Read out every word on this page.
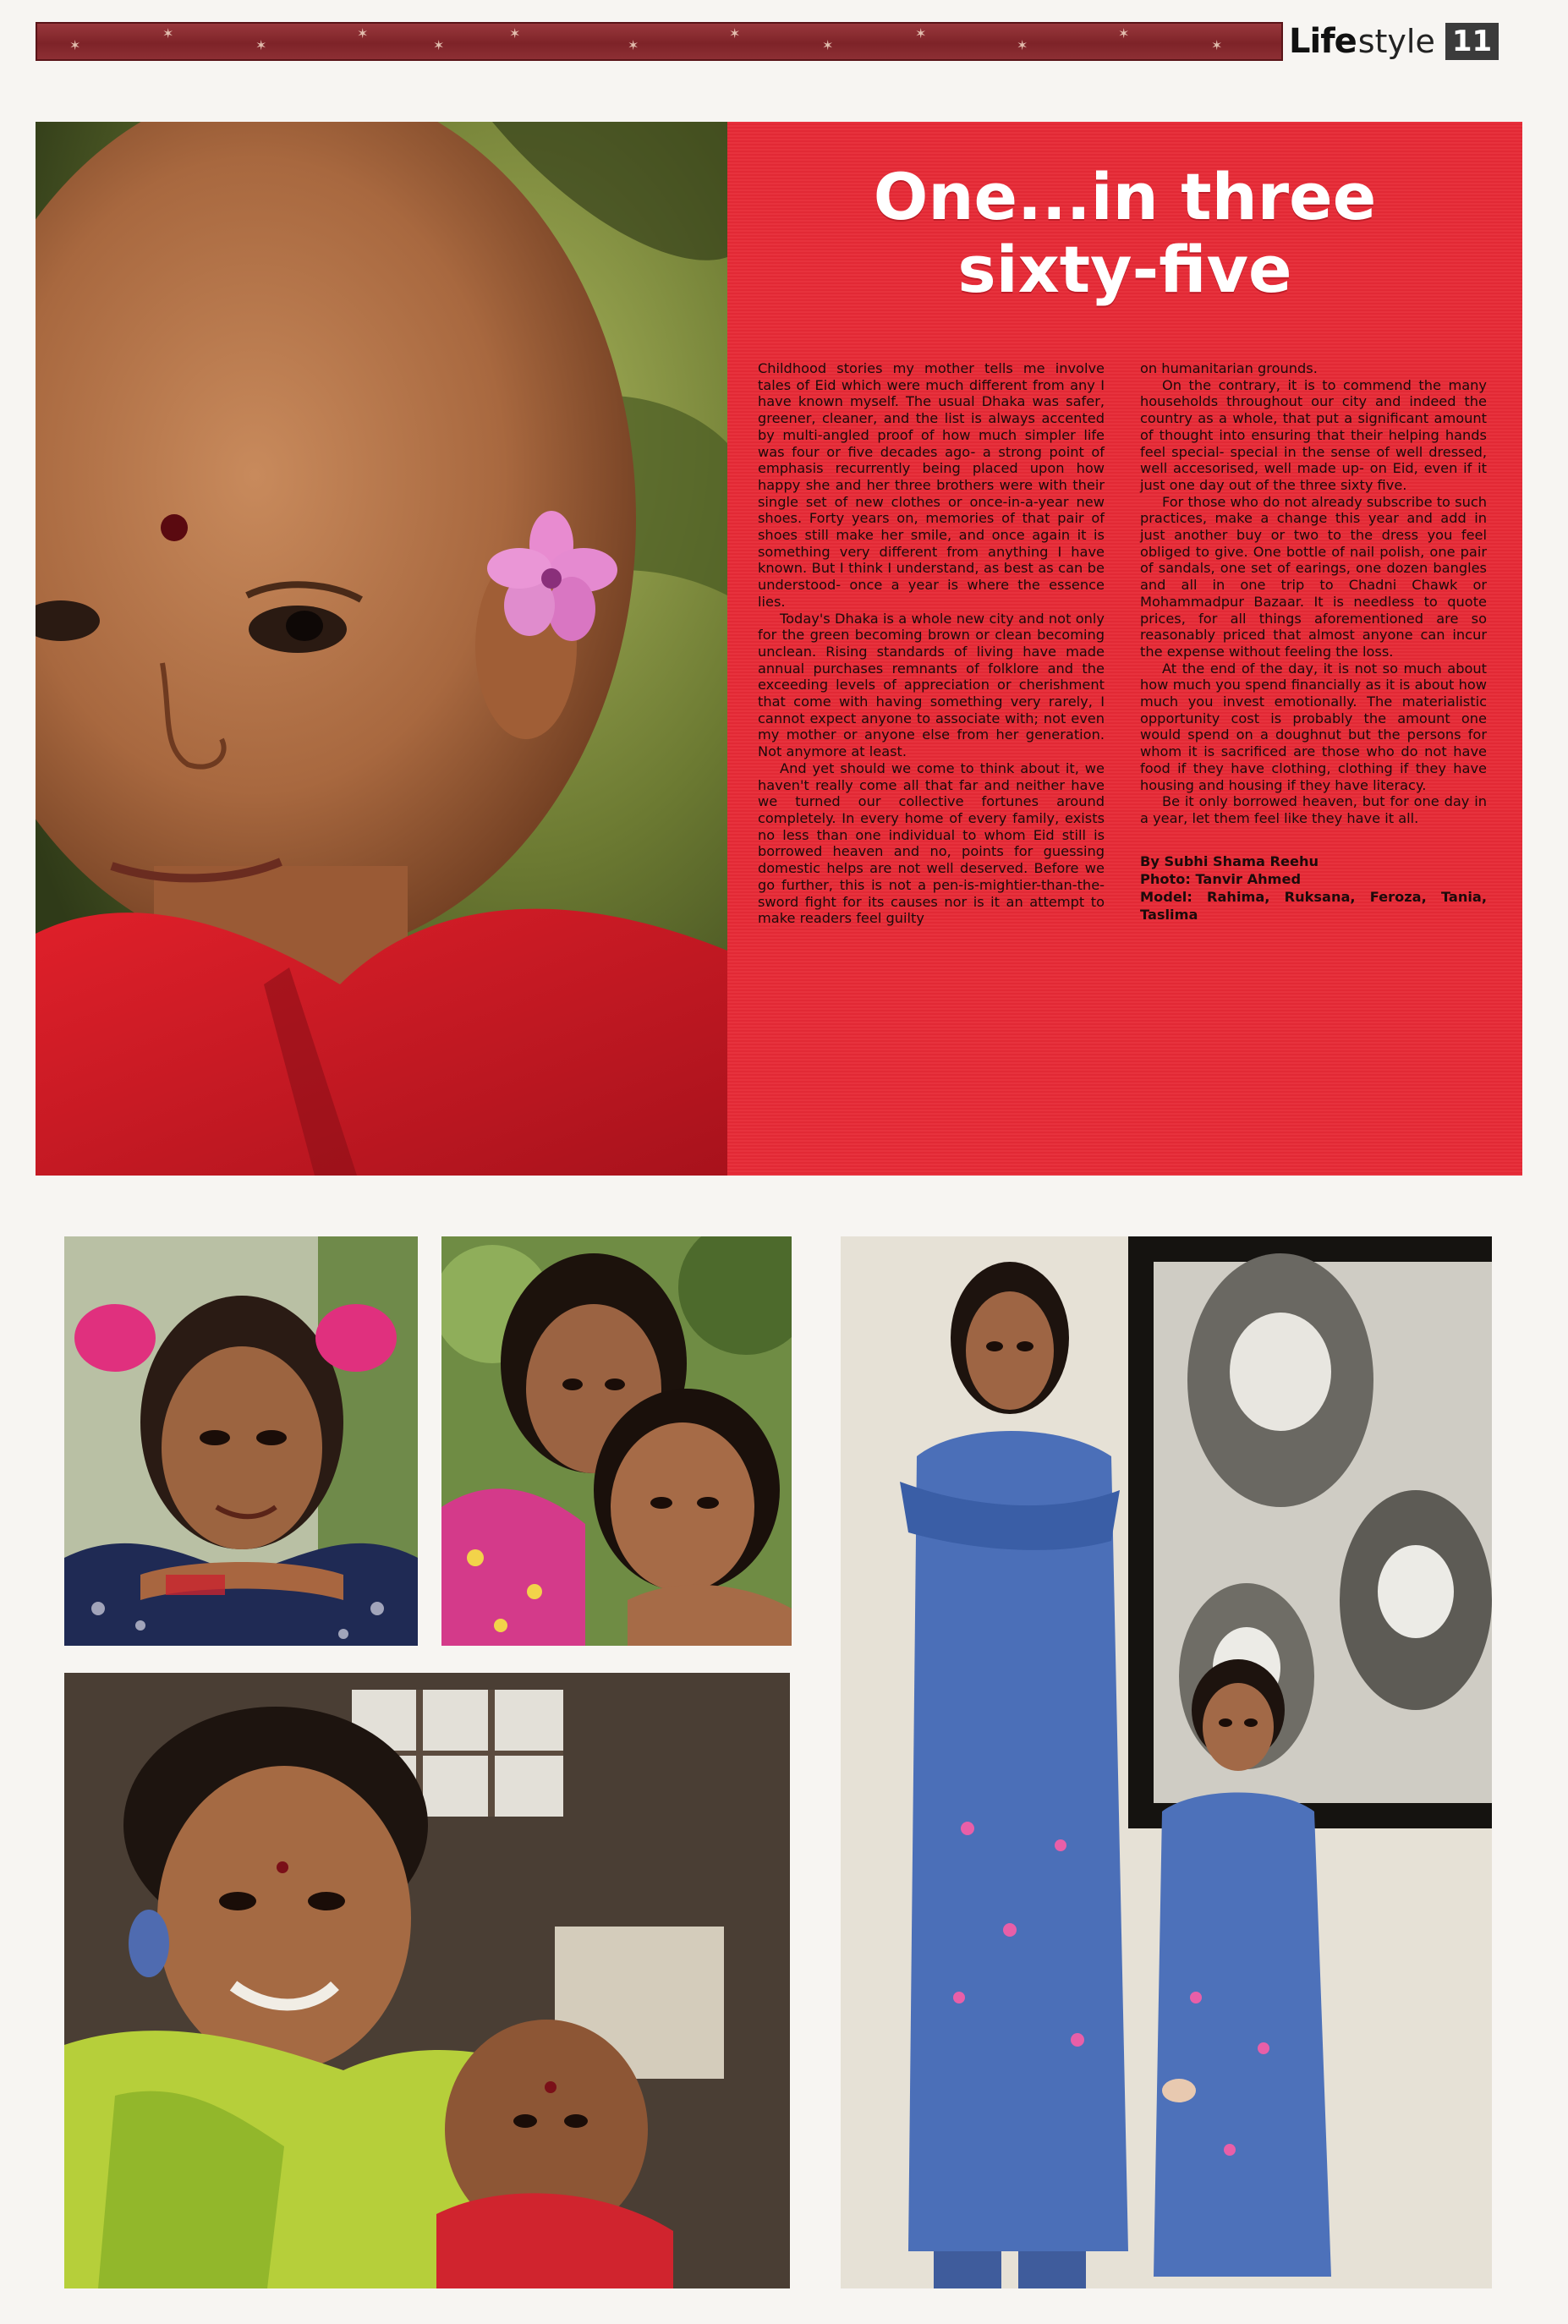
✶
✶
✶
✶
✶
✶
✶
✶
✶
✶
✶
✶
✶ Life style 11
One...in three
sixty-five

Childhood stories my mother tells me involve tales of Eid which were much different from any I have known myself. The usual Dhaka was safer, greener, cleaner, and the list is always accented by multi-angled proof of how much simpler life was four or five decades ago- a strong point of emphasis recurrently being placed upon how happy she and her three brothers were with their single set of new clothes or once-in-a-year new shoes. Forty years on, memories of that pair of shoes still make her smile, and once again it is something very different from anything I have known. But I think I understand, as best as can be understood- once a year is where the essence lies.

Today's Dhaka is a whole new city and not only for the green becoming brown or clean becoming unclean. Rising standards of living have made annual purchases remnants of folklore and the exceeding levels of appreciation or cherishment that come with having something very rarely, I cannot expect anyone to associate with; not even my mother or anyone else from her generation. Not anymore at least.

And yet should we come to think about it, we haven't really come all that far and neither have we turned our collective fortunes around completely. In every home of every family, exists no less than one individual to whom Eid still is borrowed heaven and no, points for guessing domestic helps are not well deserved. Before we go further, this is not a pen-is-mightier-than-the-sword fight for its causes nor is it an attempt to make readers feel guilty

on humanitarian grounds.

On the contrary, it is to commend the many households throughout our city and indeed the country as a whole, that put a significant amount of thought into ensuring that their helping hands feel special- special in the sense of well dressed, well accesorised, well made up- on Eid, even if it just one day out of the three sixty five.

For those who do not already subscribe to such practices, make a change this year and add in just another buy or two to the dress you feel obliged to give. One bottle of nail polish, one pair of sandals, one set of earings, one dozen bangles and all in one trip to Chadni Chawk or Mohammadpur Bazaar. It is needless to quote prices, for all things aforementioned are so reasonably priced that almost anyone can incur the expense without feeling the loss.

At the end of the day, it is not so much about how much you spend financially as it is about how much you invest emotionally. The materialistic opportunity cost is probably the amount one would spend on a doughnut but the persons for whom it is sacrificed are those who do not have food if they have clothing, clothing if they have housing and housing if they have literacy.

Be it only borrowed heaven, but for one day in a year, let them feel like they have it all.

By Subhi Shama Reehu
Photo: Tanvir Ahmed
Model: Rahima, Ruksana, Feroza, Tania, Taslima
